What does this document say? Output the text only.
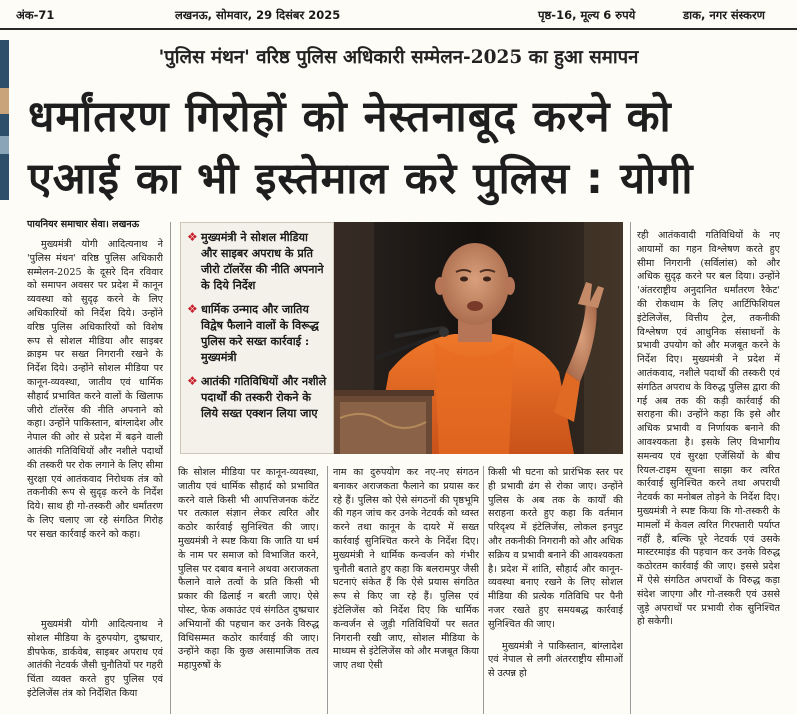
अंक-71	लखनऊ, सोमवार, 29 दिसंबर 2025	पृष्ठ-16, मूल्य 6 रुपये	डाक, नगर संस्करण
'पुलिस मंथन' वरिष्ठ पुलिस अधिकारी सम्मेलन-2025 का हुआ समापन
धर्मांतरण गिरोहों को नेस्तनाबूद करने को
एआई का भी इस्तेमाल करे पुलिस : योगी
पायनियर समाचार सेवा। लखनऊ

मुख्यमंत्री योगी आदित्यनाथ ने 'पुलिस मंथन' वरिष्ठ पुलिस अधिकारी सम्मेलन-2025 के दूसरे दिन रविवार को समापन अवसर पर प्रदेश में कानून व्यवस्था को सुदृढ़ करने के लिए अधिकारियों को निर्देश दिये। उन्होंने वरिष्ठ पुलिस अधिकारियों को विशेष रूप से सोशल मीडिया और साइबर क्राइम पर सख्त निगरानी रखने के निर्देश दिये। उन्होंने सोशल मीडिया पर कानून-व्यवस्था, जातीय एवं धार्मिक सौहार्द प्रभावित करने वालों के खिलाफ जीरो टॉलरेंस की नीति अपनाने को कहा। उन्होंने पाकिस्तान, बांग्लादेश और नेपाल की ओर से प्रदेश में बढ़ने वाली आतंकी गतिविधियों और नशीले पदार्थों की तस्करी पर रोक लगाने के लिए सीमा सुरक्षा एवं आतंकवाद निरोधक तंत्र को तकनीकी रूप से सुदृढ़ करने के निर्देश दिये। साथ ही गो-तस्करी और धर्मांतरण के लिए चलाए जा रहे संगठित गिरोह पर सख्त कार्रवाई करने को कहा।

मुख्यमंत्री योगी आदित्यनाथ ने सोशल मीडिया के दुरुपयोग, दुष्प्रचार, डीपफेक, डार्कवेब, साइबर अपराध एवं आतंकी नेटवर्क जैसी चुनौतियों पर गहरी चिंता व्यक्त करते हुए पुलिस एवं इंटेलिजेंस तंत्र को निर्देशित किया

❖ मुख्यमंत्री ने सोशल मीडिया और साइबर अपराध के प्रति जीरो टॉलरेंस की नीति अपनाने के दिये निर्देश
❖ धार्मिक उन्माद और जातिय विद्वेष फैलाने वालों के विरूद्ध पुलिस करे सख्त कार्रवाई : मुख्यमंत्री
❖ आतंकी गतिविधियों और नशीले पदार्थों की तस्करी रोकने के लिये सख्त एक्शन लिया जाए

कि सोशल मीडिया पर कानून-व्यवस्था, जातीय एवं धार्मिक सौहार्द को प्रभावित करने वाले किसी भी आपत्तिजनक कंटेंट पर तत्काल संज्ञान लेकर त्वरित और कठोर कार्रवाई सुनिश्चित की जाए। मुख्यमंत्री ने स्पष्ट किया कि जाति या धर्म के नाम पर समाज को विभाजित करने, पुलिस पर दबाव बनाने अथवा अराजकता फैलाने वाले तत्वों के प्रति किसी भी प्रकार की ढिलाई न बरती जाए। ऐसे पोस्ट, फेक अकाउंट एवं संगठित दुष्प्रचार अभियानों की पहचान कर उनके विरुद्ध विधिसम्मत कठोर कार्रवाई की जाए। उन्होंने कहा कि कुछ असामाजिक तत्व महापुरुषों के

नाम का दुरुपयोग कर नए-नए संगठन बनाकर अराजकता फैलाने का प्रयास कर रहे हैं। पुलिस को ऐसे संगठनों की पृष्ठभूमि की गहन जांच कर उनके नेटवर्क को ध्वस्त करने तथा कानून के दायरे में सख्त कार्रवाई सुनिश्चित करने के निर्देश दिए। मुख्यमंत्री ने धार्मिक कन्वर्जन को गंभीर चुनौती बताते हुए कहा कि बलरामपुर जैसी घटनाएं संकेत हैं कि ऐसे प्रयास संगठित रूप से किए जा रहे हैं। पुलिस एवं इंटेलिजेंस को निर्देश दिए कि धार्मिक कन्वर्जन से जुड़ी गतिविधियों पर सतत निगरानी रखी जाए, सोशल मीडिया के माध्यम से इंटेलिजेंस को और मजबूत किया जाए तथा ऐसी

किसी भी घटना को प्रारंभिक स्तर पर ही प्रभावी ढंग से रोका जाए। उन्होंने पुलिस के अब तक के कार्यों की सराहना करते हुए कहा कि वर्तमान परिदृश्य में इंटेलिजेंस, लोकल इनपुट और तकनीकी निगरानी को और अधिक सक्रिय व प्रभावी बनाने की आवश्यकता है। प्रदेश में शांति, सौहार्द और कानून-व्यवस्था बनाए रखने के लिए सोशल मीडिया की प्रत्येक गतिविधि पर पैनी नजर रखते हुए समयबद्ध कार्रवाई सुनिश्चित की जाए।

मुख्यमंत्री ने पाकिस्तान, बांग्लादेश एवं नेपाल से लगी अंतरराष्ट्रीय सीमाओं से उत्पन्न हो

रही आतंकवादी गतिविधियों के नए आयामों का गहन विश्लेषण करते हुए सीमा निगरानी (सर्विलांस) को और अधिक सुदृढ़ करने पर बल दिया। उन्होंने 'अंतरराष्ट्रीय अनुदानित धर्मांतरण रैकेट' की रोकथाम के लिए आर्टिफिशियल इंटेलिजेंस, वित्तीय ट्रेल, तकनीकी विश्लेषण एवं आधुनिक संसाधनों के प्रभावी उपयोग को और मजबूत करने के निर्देश दिए। मुख्यमंत्री ने प्रदेश में आतंकवाद, नशीले पदार्थों की तस्करी एवं संगठित अपराध के विरुद्ध पुलिस द्वारा की गई अब तक की कड़ी कार्रवाई की सराहना की। उन्होंने कहा कि इसे और अधिक प्रभावी व निर्णायक बनाने की आवश्यकता है। इसके लिए विभागीय समन्वय एवं सुरक्षा एजेंसियों के बीच रियल-टाइम सूचना साझा कर त्वरित कार्रवाई सुनिश्चित करने तथा अपराधी नेटवर्क का मनोबल तोड़ने के निर्देश दिए। मुख्यमंत्री ने स्पष्ट किया कि गो-तस्करी के मामलों में केवल त्वरित गिरफ्तारी पर्याप्त नहीं है, बल्कि पूरे नेटवर्क एवं उसके मास्टरमाइंड की पहचान कर उनके विरुद्ध कठोरतम कार्रवाई की जाए। इससे प्रदेश में ऐसे संगठित अपराधों के विरुद्ध कड़ा संदेश जाएगा और गो-तस्करी एवं उससे जुड़े अपराधों पर प्रभावी रोक सुनिश्चित हो सकेगी।
